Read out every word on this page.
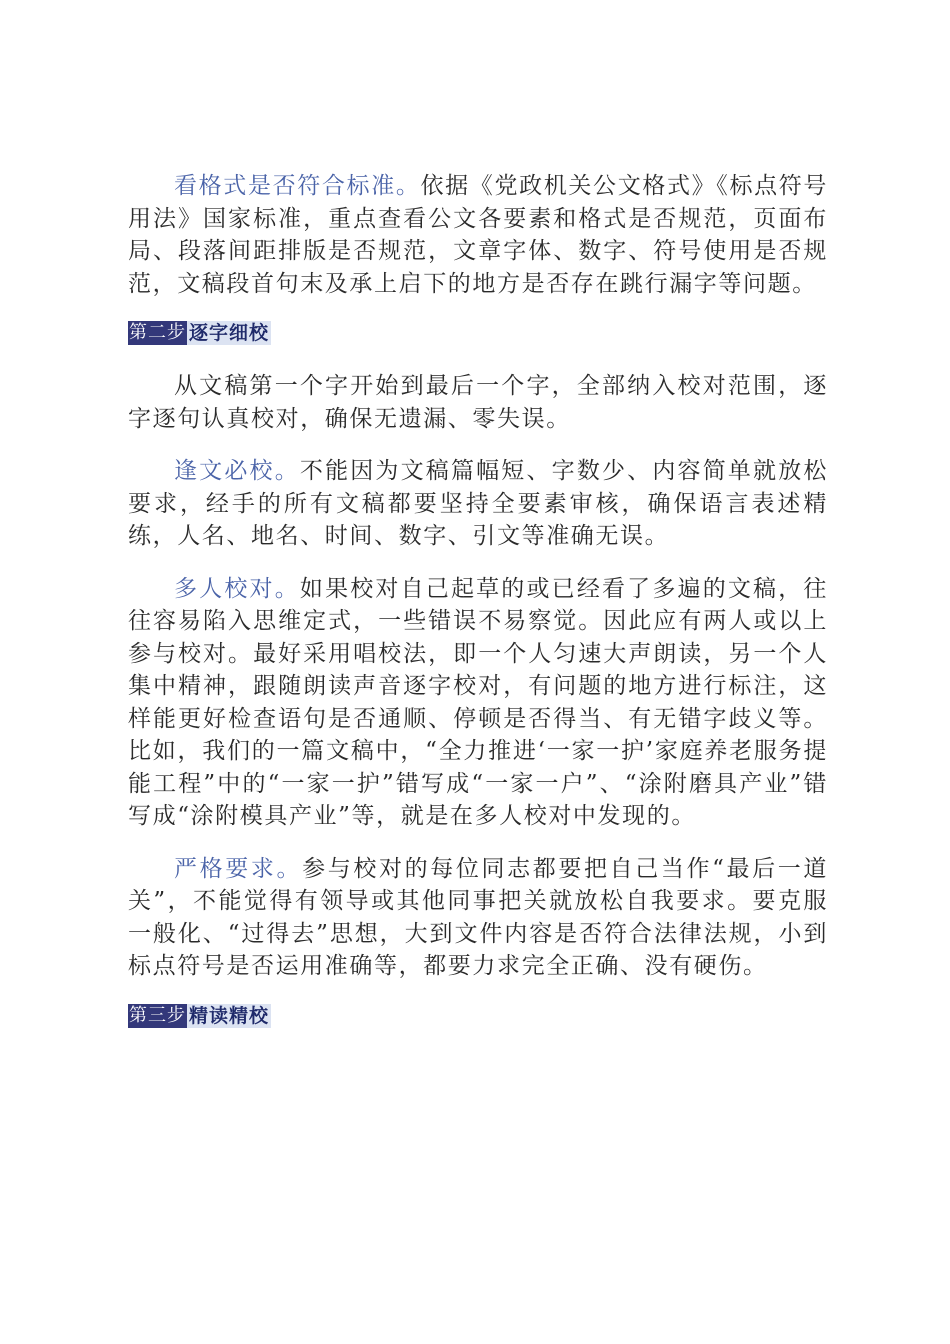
看格式是否符合标准。依据《党政机关公文格式》《标点符号用法》国家标准，重点查看公文各要素和格式是否规范，页面布局、段落间距排版是否规范，文章字体、数字、符号使用是否规范，文稿段首句末及承上启下的地方是否存在跳行漏字等问题。

第二步 逐字细校

从文稿第一个字开始到最后一个字，全部纳入校对范围，逐字逐句认真校对，确保无遗漏、零失误。

逢文必校。不能因为文稿篇幅短、字数少、内容简单就放松要求，经手的所有文稿都要坚持全要素审核，确保语言表述精练，人名、地名、时间、数字、引文等准确无误。

多人校对。如果校对自己起草的或已经看了多遍的文稿，往往容易陷入思维定式，一些错误不易察觉。因此应有两人或以上参与校对。最好采用唱校法，即一个人匀速大声朗读，另一个人集中精神，跟随朗读声音逐字校对，有问题的地方进行标注，这样能更好检查语句是否通顺、停顿是否得当、有无错字歧义等。比如，我们的一篇文稿中，“全力推进‘一家一护’家庭养老服务提能工程”中的“一家一护”错写成“一家一户”、“涂附磨具产业”错写成“涂附模具产业”等，就是在多人校对中发现的。

严格要求。参与校对的每位同志都要把自己当作“最后一道关”，不能觉得有领导或其他同事把关就放松自我要求。要克服一般化、“过得去”思想，大到文件内容是否符合法律法规，小到标点符号是否运用准确等，都要力求完全正确、没有硬伤。

第三步 精读精校
